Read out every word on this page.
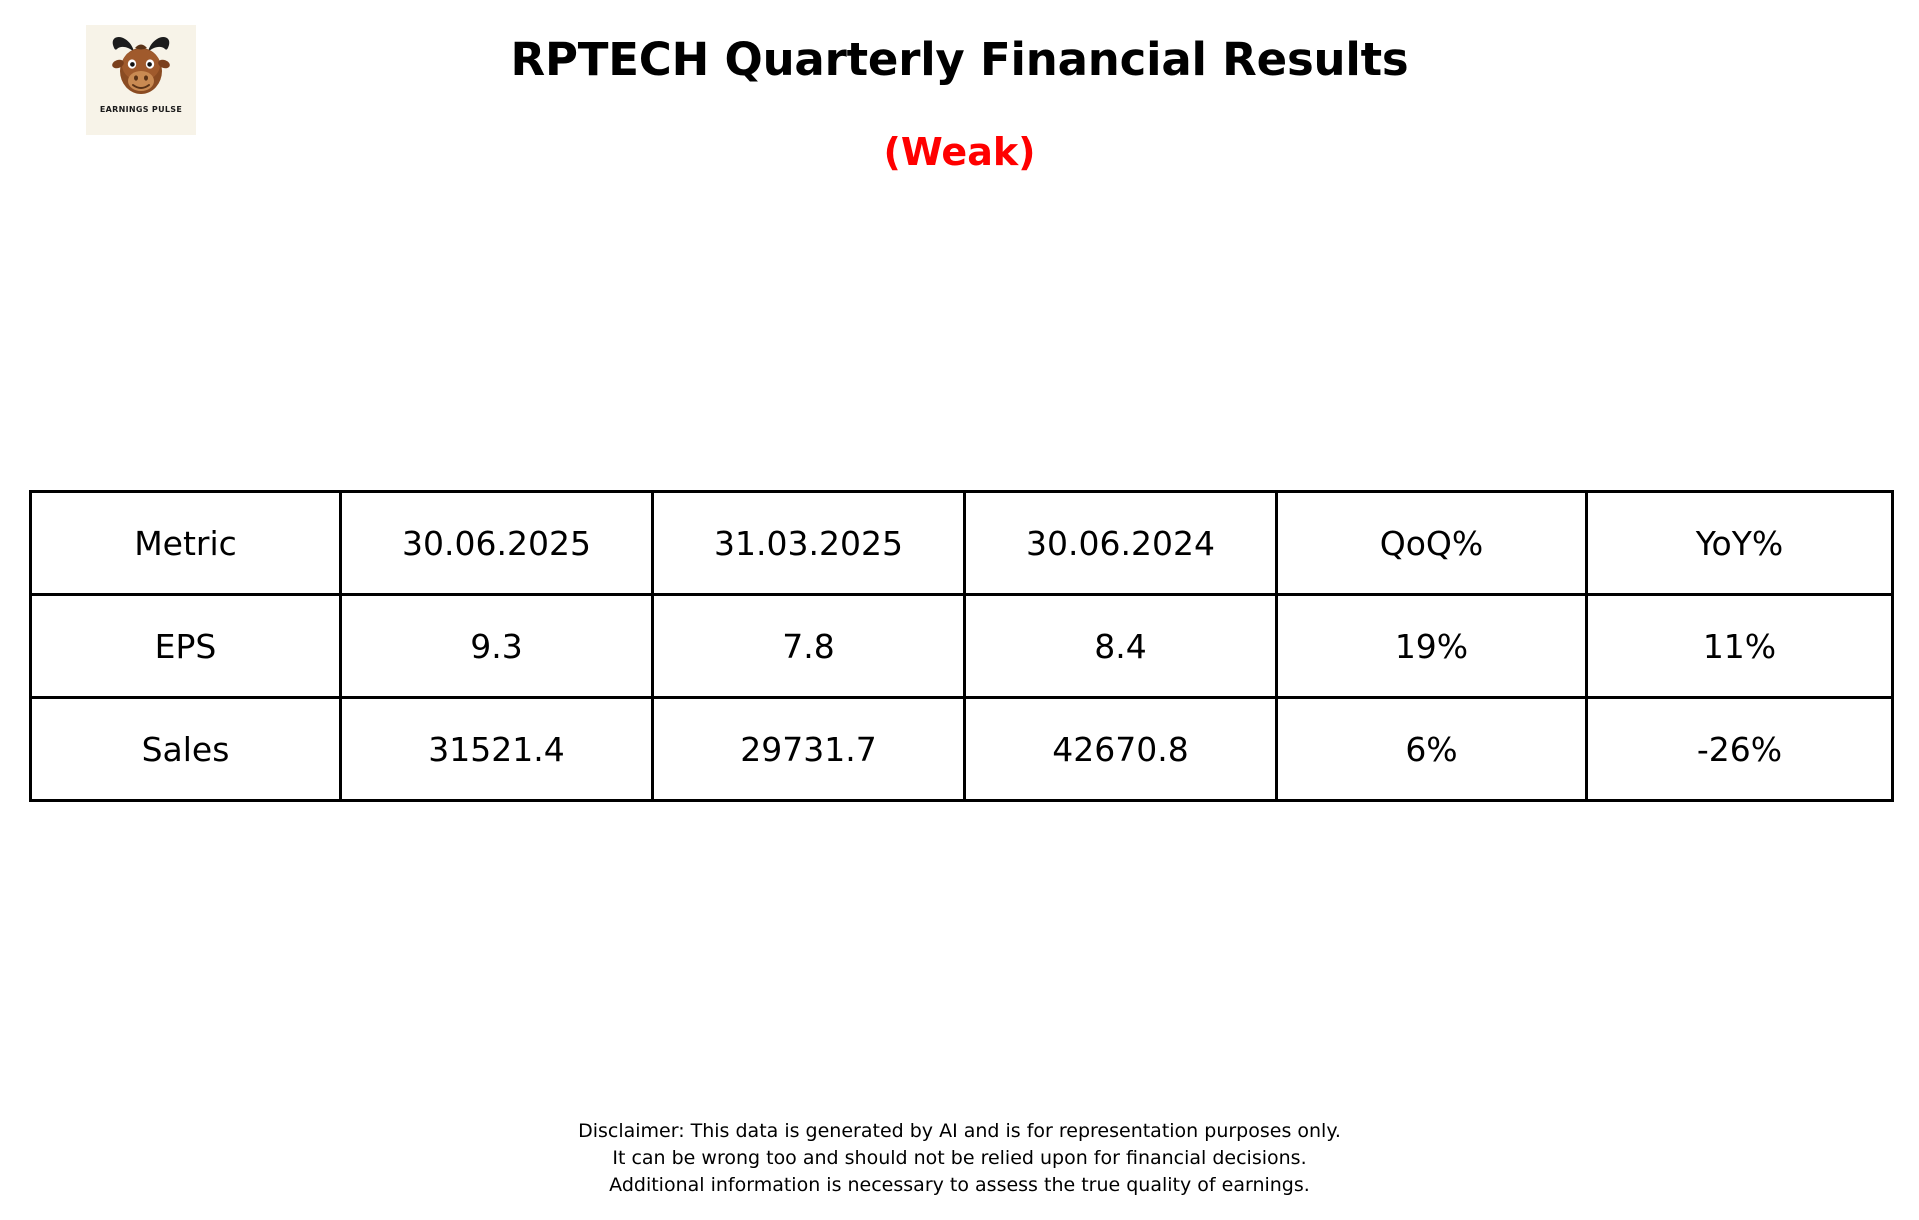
EARNINGS PULSE
RPTECH Quarterly Financial Results
(Weak)
Metric	30.06.2025	31.03.2025	30.06.2024	QoQ%	YoY%
EPS	9.3	7.8	8.4	19%	11%
Sales	31521.4	29731.7	42670.8	6%	-26%
Disclaimer: This data is generated by AI and is for representation purposes only.
It can be wrong too and should not be relied upon for financial decisions.
Additional information is necessary to assess the true quality of earnings.
